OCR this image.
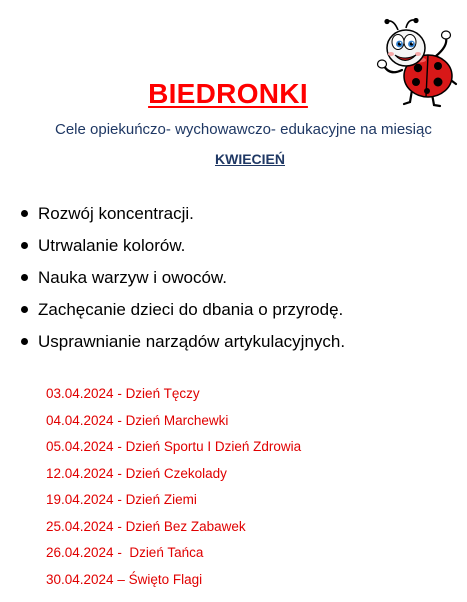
BIEDRONKI
Cele opiekuńczo- wychowawczo- edukacyjne na miesiąc
KWIECIEŃ
Rozwój koncentracji.
Utrwalanie kolorów.
Nauka warzyw i owoców.
Zachęcanie dzieci do dbania o przyrodę.
Usprawnianie narządów artykulacyjnych.
03.04.2024 - Dzień Tęczy
04.04.2024 - Dzień Marchewki
05.04.2024 - Dzień Sportu I Dzień Zdrowia
12.04.2024 - Dzień Czekolady
19.04.2024 - Dzień Ziemi
25.04.2024 - Dzień Bez Zabawek
26.04.2024 -  Dzień Tańca
30.04.2024 – Święto Flagi
